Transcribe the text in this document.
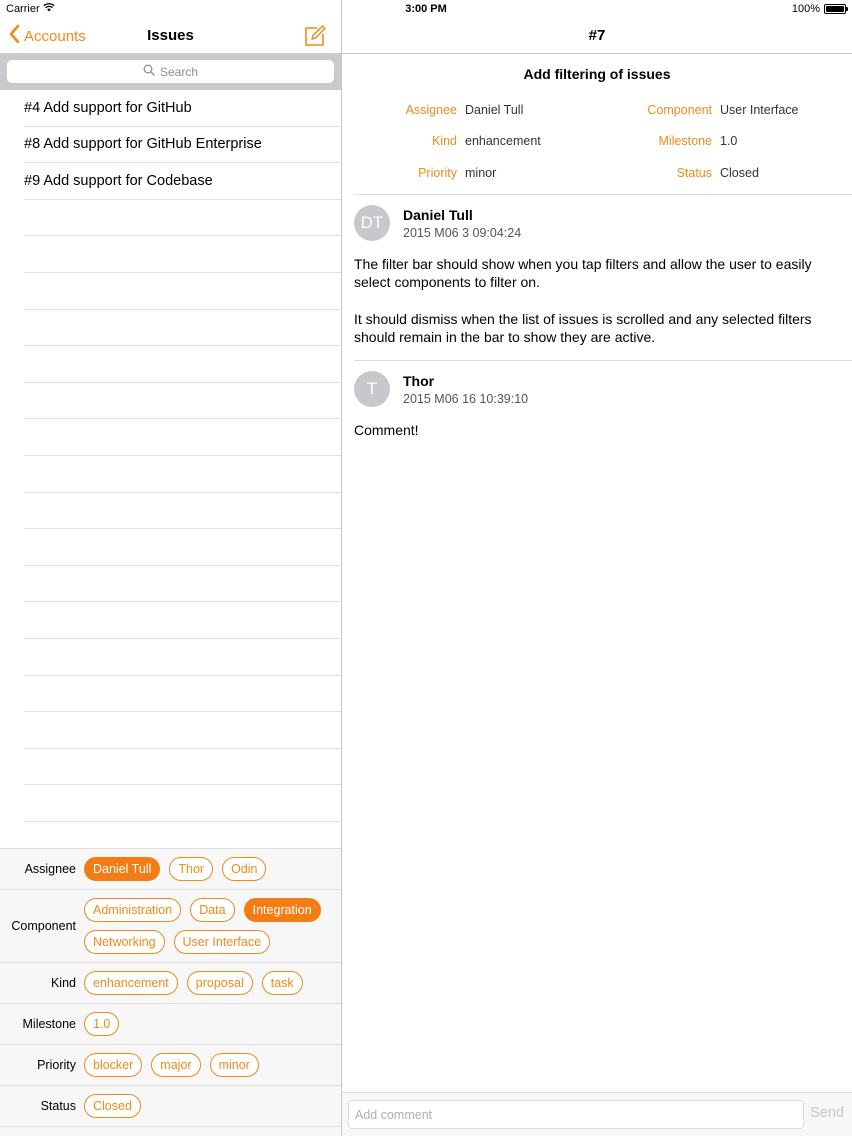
Accounts	Issues
Search
#4 Add support for GitHub
#8 Add support for GitHub Enterprise
#9 Add support for Codebase
Assignee	Daniel Tull	Thor	Odin
Component
Administration	Data	Integration
Networking	User Interface
Kind	enhancement	proposal	task
Milestone	1.0
Priority	blocker	major	minor
Status	Closed
#7
Add filtering of issues
Assignee Daniel Tull	Component User Interface
Kind enhancement	Milestone 1.0
Priority minor	Status Closed
DT	Daniel Tull
2015 M06 3 09:04:24
The filter bar should show when you tap filters and allow the user to easily select components to filter on.

It should dismiss when the list of issues is scrolled and any selected filters should remain in the bar to show they are active.
T	Thor
2015 M06 16 10:39:10
Comment!
Add comment
Send
Carrier	3:00 PM	100%
